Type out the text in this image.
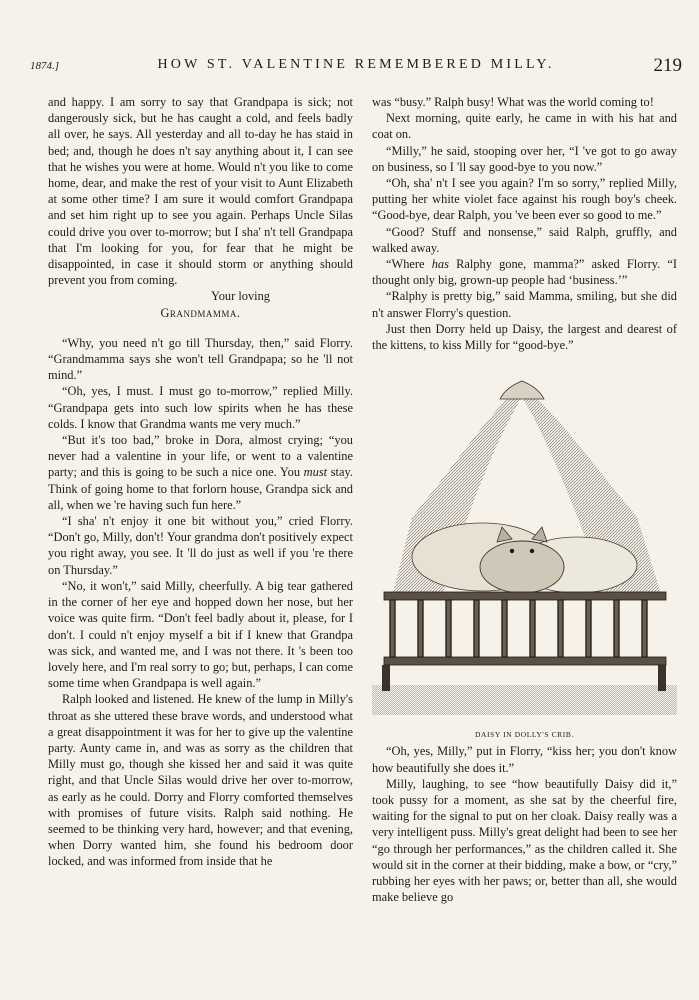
1874.]	HOW ST. VALENTINE REMEMBERED MILLY.	219

and happy. I am sorry to say that Grandpapa is sick; not dangerously sick, but he has caught a cold, and feels badly all over, he says. All yesterday and all to-day he has staid in bed; and, though he does n't say anything about it, I can see that he wishes you were at home. Would n't you like to come home, dear, and make the rest of your visit to Aunt Elizabeth at some other time? I am sure it would comfort Grandpapa and set him right up to see you again. Perhaps Uncle Silas could drive you over to-morrow; but I sha' n't tell Grandpapa that I'm looking for you, for fear that he might be disappointed, in case it should storm or anything should prevent you from coming.

Your loving

Grandmamma.

“Why, you need n't go till Thursday, then,” said Florry. “Grandmamma says she won't tell Grandpapa; so he 'll not mind.”

“Oh, yes, I must. I must go to-morrow,” replied Milly. “Grandpapa gets into such low spirits when he has these colds. I know that Grandma wants me very much.”

“But it's too bad,” broke in Dora, almost crying; “you never had a valentine in your life, or went to a valentine party; and this is going to be such a nice one. You must stay. Think of going home to that forlorn house, Grandpa sick and all, when we 're having such fun here.”

“I sha' n't enjoy it one bit without you,” cried Florry. “Don't go, Milly, don't! Your grandma don't positively expect you right away, you see. It 'll do just as well if you 're there on Thursday.”

“No, it won't,” said Milly, cheerfully. A big tear gathered in the corner of her eye and hopped down her nose, but her voice was quite firm. “Don't feel badly about it, please, for I don't. I could n't enjoy myself a bit if I knew that Grandpa was sick, and wanted me, and I was not there. It 's been too lovely here, and I'm real sorry to go; but, perhaps, I can come some time when Grandpapa is well again.”

Ralph looked and listened. He knew of the lump in Milly's throat as she uttered these brave words, and understood what a great disappointment it was for her to give up the valentine party. Aunty came in, and was as sorry as the children that Milly must go, though she kissed her and said it was quite right, and that Uncle Silas would drive her over to-morrow, as early as he could. Dorry and Florry comforted themselves with promises of future visits. Ralph said nothing. He seemed to be thinking very hard, however; and that evening, when Dorry wanted him, she found his bedroom door locked, and was informed from inside that he

was “busy.” Ralph busy! What was the world coming to!

Next morning, quite early, he came in with his hat and coat on.

“Milly,” he said, stooping over her, “I 've got to go away on business, so I 'll say good-bye to you now.”

“Oh, sha' n't I see you again? I'm so sorry,” replied Milly, putting her white violet face against his rough boy's cheek. “Good-bye, dear Ralph, you 've been ever so good to me.”

“Good? Stuff and nonsense,” said Ralph, gruffly, and walked away.

“Where has Ralphy gone, mamma?” asked Florry. “I thought only big, grown-up people had ‘business.’”

“Ralphy is pretty big,” said Mamma, smiling, but she did n't answer Florry's question.

Just then Dorry held up Daisy, the largest and dearest of the kittens, to kiss Milly for “good-bye.”

DAISY IN DOLLY'S CRIB.

“Oh, yes, Milly,” put in Florry, “kiss her; you don't know how beautifully she does it.”

Milly, laughing, to see “how beautifully Daisy did it,” took pussy for a moment, as she sat by the cheerful fire, waiting for the signal to put on her cloak. Daisy really was a very intelligent puss. Milly's great delight had been to see her “go through her performances,” as the children called it. She would sit in the corner at their bidding, make a bow, or “cry,” rubbing her eyes with her paws; or, better than all, she would make believe go
